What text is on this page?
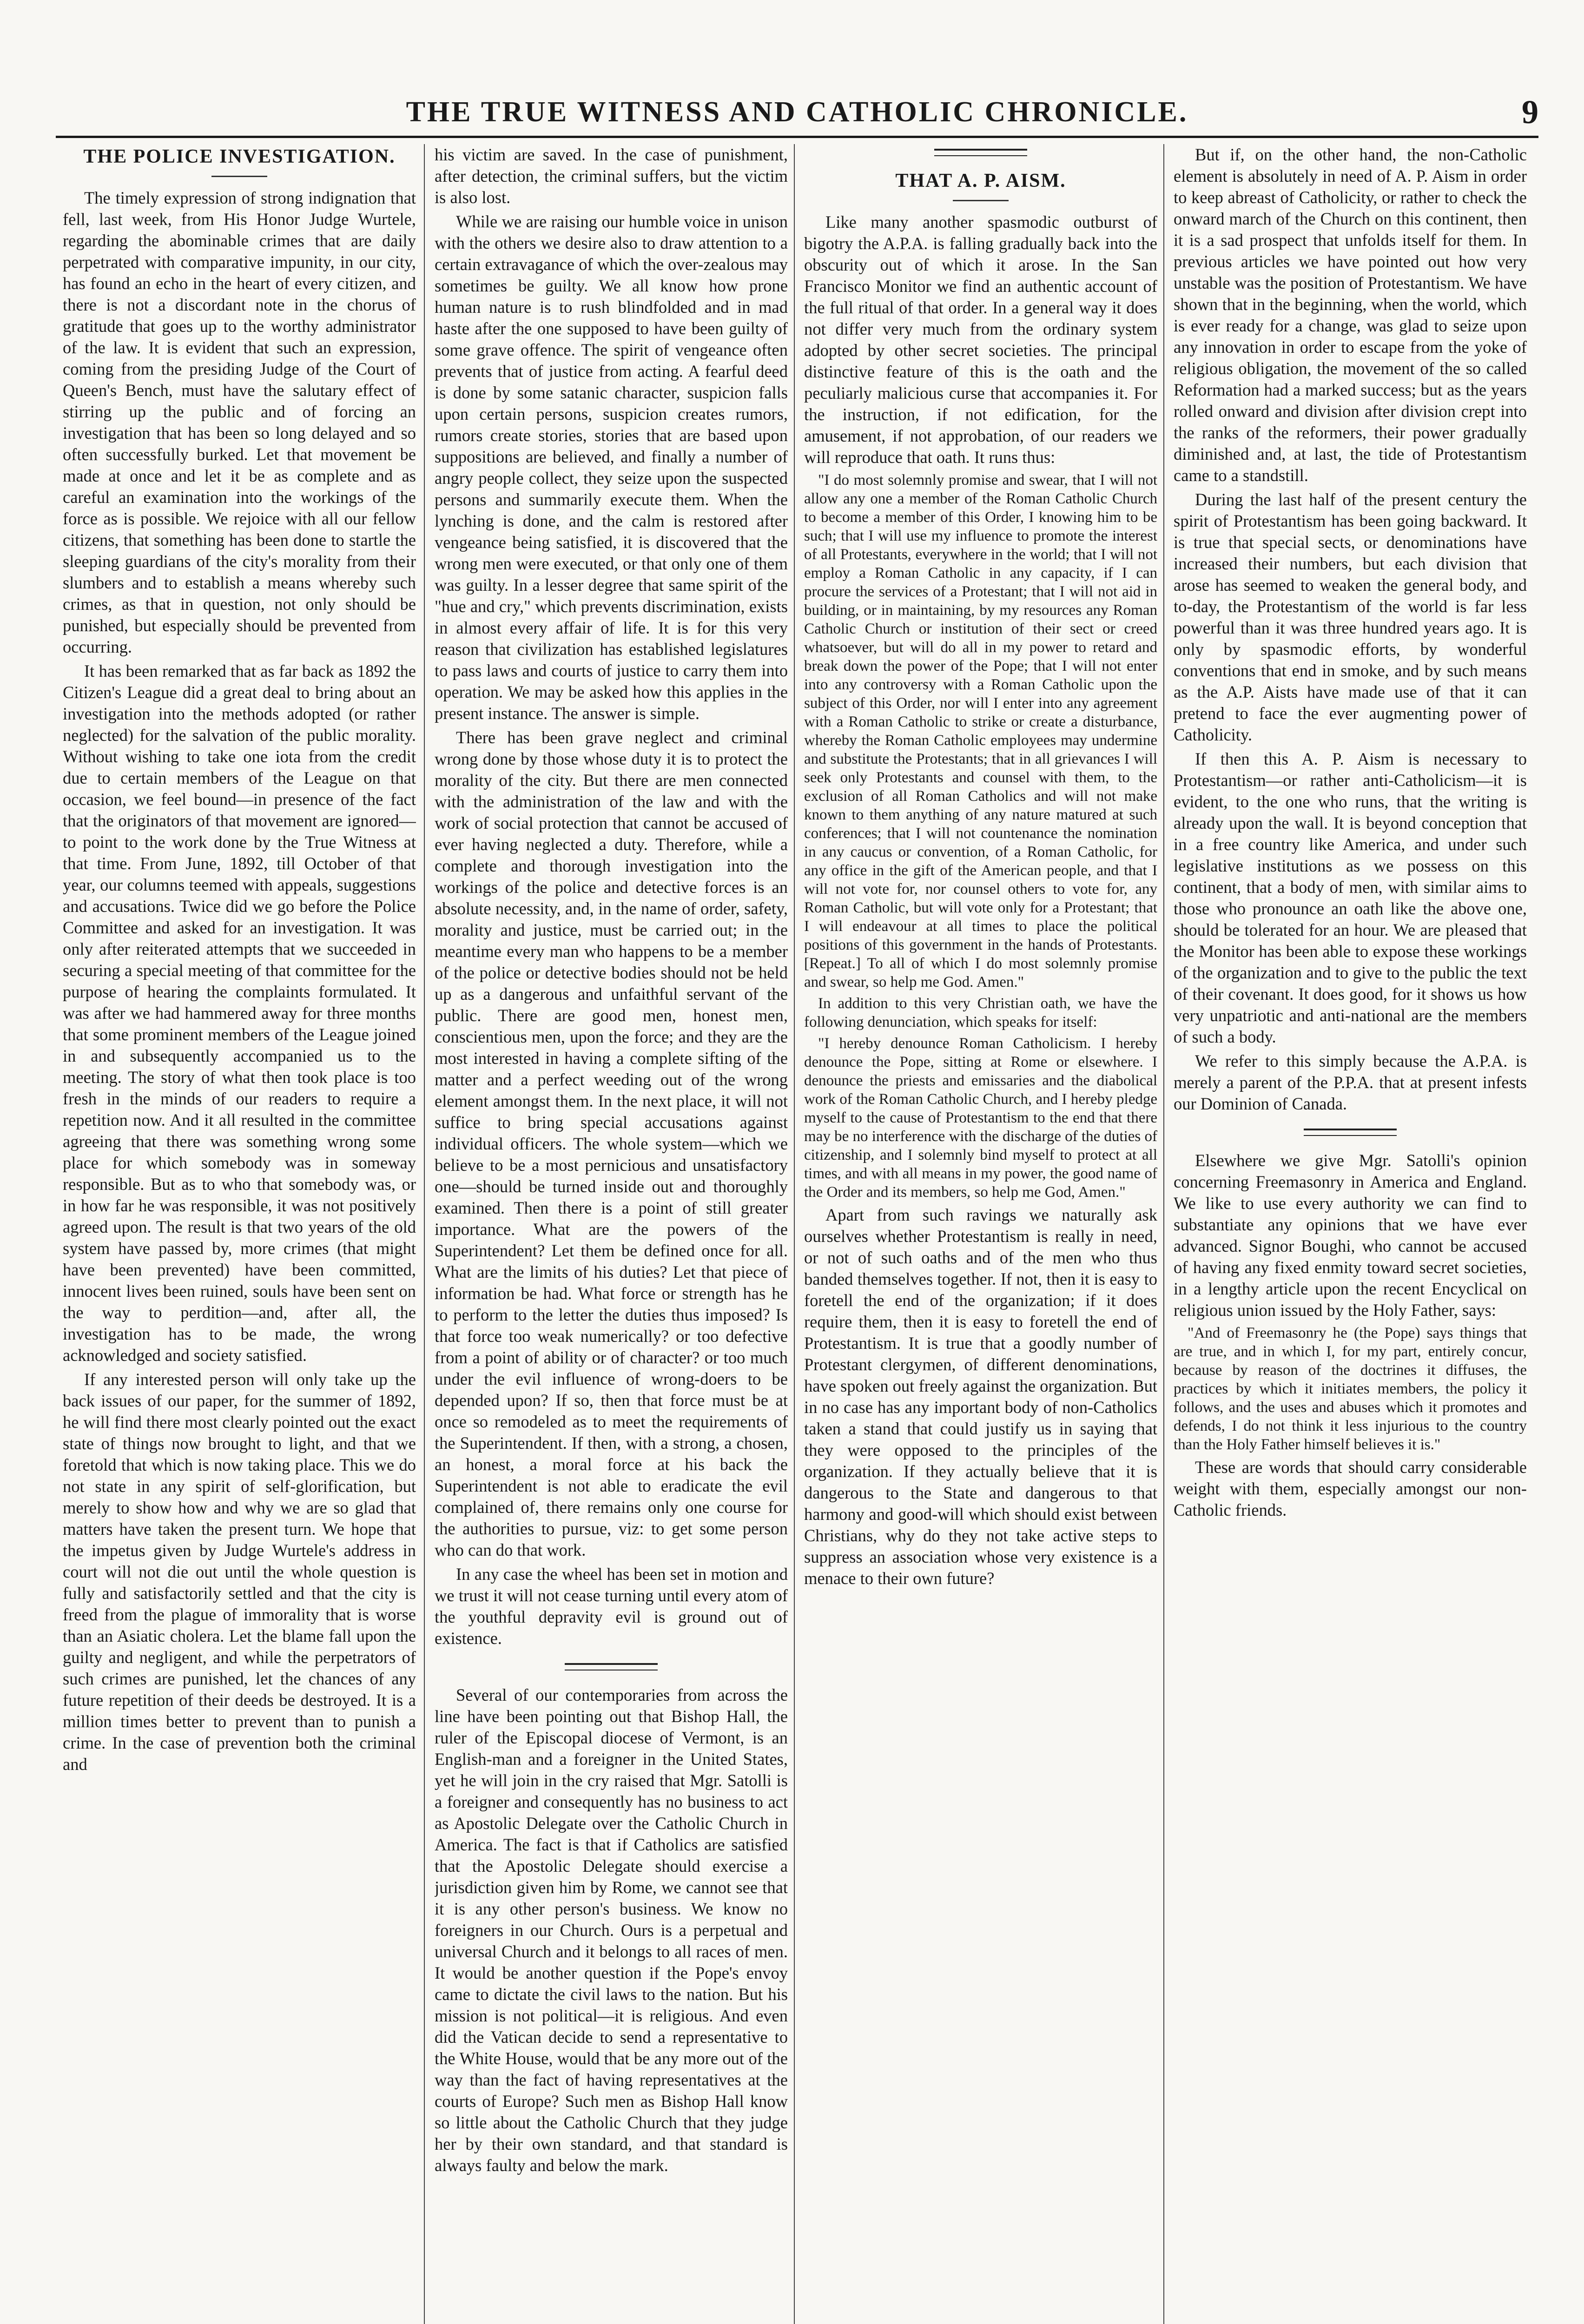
THE TRUE WITNESS AND CATHOLIC CHRONICLE.	9
THE POLICE INVESTIGATION.

The timely expression of strong indignation that fell, last week, from His Honor Judge Wurtele, regarding the abominable crimes that are daily perpetrated with comparative impunity, in our city, has found an echo in the heart of every citizen, and there is not a discordant note in the chorus of gratitude that goes up to the worthy administrator of the law. It is evident that such an expression, coming from the presiding Judge of the Court of Queen's Bench, must have the salutary effect of stirring up the public and of forcing an investigation that has been so long delayed and so often successfully burked. Let that movement be made at once and let it be as complete and as careful an examination into the workings of the force as is possible. We rejoice with all our fellow citizens, that something has been done to startle the sleeping guardians of the city's morality from their slumbers and to establish a means whereby such crimes, as that in question, not only should be punished, but especially should be prevented from occurring.

It has been remarked that as far back as 1892 the Citizen's League did a great deal to bring about an investigation into the methods adopted (or rather neglected) for the salvation of the public morality. Without wishing to take one iota from the credit due to certain members of the League on that occasion, we feel bound—in presence of the fact that the originators of that movement are ignored—to point to the work done by the True Witness at that time. From June, 1892, till October of that year, our columns teemed with appeals, suggestions and accusations. Twice did we go before the Police Committee and asked for an investigation. It was only after reiterated attempts that we succeeded in securing a special meeting of that committee for the purpose of hearing the complaints formulated. It was after we had hammered away for three months that some prominent members of the League joined in and subsequently accompanied us to the meeting. The story of what then took place is too fresh in the minds of our readers to require a repetition now. And it all resulted in the committee agreeing that there was something wrong some place for which somebody was in someway responsible. But as to who that somebody was, or in how far he was responsible, it was not positively agreed upon. The result is that two years of the old system have passed by, more crimes (that might have been prevented) have been committed, innocent lives been ruined, souls have been sent on the way to perdition—and, after all, the investigation has to be made, the wrong acknowledged and society satisfied.

If any interested person will only take up the back issues of our paper, for the summer of 1892, he will find there most clearly pointed out the exact state of things now brought to light, and that we foretold that which is now taking place. This we do not state in any spirit of self-glorification, but merely to show how and why we are so glad that matters have taken the present turn. We hope that the impetus given by Judge Wurtele's address in court will not die out until the whole question is fully and satisfactorily settled and that the city is freed from the plague of immorality that is worse than an Asiatic cholera. Let the blame fall upon the guilty and negligent, and while the perpetrators of such crimes are punished, let the chances of any future repetition of their deeds be destroyed. It is a million times better to prevent than to punish a crime. In the case of prevention both the criminal and

his victim are saved. In the case of punishment, after detection, the criminal suffers, but the victim is also lost.

While we are raising our humble voice in unison with the others we desire also to draw attention to a certain extravagance of which the over-zealous may sometimes be guilty. We all know how prone human nature is to rush blindfolded and in mad haste after the one supposed to have been guilty of some grave offence. The spirit of vengeance often prevents that of justice from acting. A fearful deed is done by some satanic character, suspicion falls upon certain persons, suspicion creates rumors, rumors create stories, stories that are based upon suppositions are believed, and finally a number of angry people collect, they seize upon the suspected persons and summarily execute them. When the lynching is done, and the calm is restored after vengeance being satisfied, it is discovered that the wrong men were executed, or that only one of them was guilty. In a lesser degree that same spirit of the "hue and cry," which prevents discrimination, exists in almost every affair of life. It is for this very reason that civilization has established legislatures to pass laws and courts of justice to carry them into operation. We may be asked how this applies in the present instance. The answer is simple.

There has been grave neglect and criminal wrong done by those whose duty it is to protect the morality of the city. But there are men connected with the administration of the law and with the work of social protection that cannot be accused of ever having neglected a duty. Therefore, while a complete and thorough investigation into the workings of the police and detective forces is an absolute necessity, and, in the name of order, safety, morality and justice, must be carried out; in the meantime every man who happens to be a member of the police or detective bodies should not be held up as a dangerous and unfaithful servant of the public. There are good men, honest men, conscientious men, upon the force; and they are the most interested in having a complete sifting of the matter and a perfect weeding out of the wrong element amongst them. In the next place, it will not suffice to bring special accusations against individual officers. The whole system—which we believe to be a most pernicious and unsatisfactory one—should be turned inside out and thoroughly examined. Then there is a point of still greater importance. What are the powers of the Superintendent? Let them be defined once for all. What are the limits of his duties? Let that piece of information be had. What force or strength has he to perform to the letter the duties thus imposed? Is that force too weak numerically? or too defective from a point of ability or of character? or too much under the evil influence of wrong-doers to be depended upon? If so, then that force must be at once so remodeled as to meet the requirements of the Superintendent. If then, with a strong, a chosen, an honest, a moral force at his back the Superintendent is not able to eradicate the evil complained of, there remains only one course for the authorities to pursue, viz: to get some person who can do that work.

In any case the wheel has been set in motion and we trust it will not cease turning until every atom of the youthful depravity evil is ground out of existence.

Several of our contemporaries from across the line have been pointing out that Bishop Hall, the ruler of the Episcopal diocese of Vermont, is an English-man and a foreigner in the United States, yet he will join in the cry raised that Mgr. Satolli is a foreigner and consequently has no business to act as Apostolic Delegate over the Catholic Church in America. The fact is that if Catholics are satisfied that the Apostolic Delegate should exercise a jurisdiction given him by Rome, we cannot see that it is any other person's business. We know no foreigners in our Church. Ours is a perpetual and universal Church and it belongs to all races of men. It would be another question if the Pope's envoy came to dictate the civil laws to the nation. But his mission is not political—it is religious. And even did the Vatican decide to send a representative to the White House, would that be any more out of the way than the fact of having representatives at the courts of Europe? Such men as Bishop Hall know so little about the Catholic Church that they judge her by their own standard, and that standard is always faulty and below the mark.

THAT A. P. AISM.

Like many another spasmodic outburst of bigotry the A.P.A. is falling gradually back into the obscurity out of which it arose. In the San Francisco Monitor we find an authentic account of the full ritual of that order. In a general way it does not differ very much from the ordinary system adopted by other secret societies. The principal distinctive feature of this is the oath and the peculiarly malicious curse that accompanies it. For the instruction, if not edification, for the amusement, if not approbation, of our readers we will reproduce that oath. It runs thus:

"I do most solemnly promise and swear, that I will not allow any one a member of the Roman Catholic Church to become a member of this Order, I knowing him to be such; that I will use my influence to promote the interest of all Protestants, everywhere in the world; that I will not employ a Roman Catholic in any capacity, if I can procure the services of a Protestant; that I will not aid in building, or in maintaining, by my resources any Roman Catholic Church or institution of their sect or creed whatsoever, but will do all in my power to retard and break down the power of the Pope; that I will not enter into any controversy with a Roman Catholic upon the subject of this Order, nor will I enter into any agreement with a Roman Catholic to strike or create a disturbance, whereby the Roman Catholic employees may undermine and substitute the Protestants; that in all grievances I will seek only Protestants and counsel with them, to the exclusion of all Roman Catholics and will not make known to them anything of any nature matured at such conferences; that I will not countenance the nomination in any caucus or convention, of a Roman Catholic, for any office in the gift of the American people, and that I will not vote for, nor counsel others to vote for, any Roman Catholic, but will vote only for a Protestant; that I will endeavour at all times to place the political positions of this government in the hands of Protestants. [Repeat.] To all of which I do most solemnly promise and swear, so help me God. Amen."

In addition to this very Christian oath, we have the following denunciation, which speaks for itself:

"I hereby denounce Roman Catholicism. I hereby denounce the Pope, sitting at Rome or elsewhere. I denounce the priests and emissaries and the diabolical work of the Roman Catholic Church, and I hereby pledge myself to the cause of Protestantism to the end that there may be no interference with the discharge of the duties of citizenship, and I solemnly bind myself to protect at all times, and with all means in my power, the good name of the Order and its members, so help me God, Amen."

Apart from such ravings we naturally ask ourselves whether Protestantism is really in need, or not of such oaths and of the men who thus banded themselves together. If not, then it is easy to foretell the end of the organization; if it does require them, then it is easy to foretell the end of Protestantism. It is true that a goodly number of Protestant clergymen, of different denominations, have spoken out freely against the organization. But in no case has any important body of non-Catholics taken a stand that could justify us in saying that they were opposed to the principles of the organization. If they actually believe that it is dangerous to the State and dangerous to that harmony and good-will which should exist between Christians, why do they not take active steps to suppress an association whose very existence is a menace to their own future?

But if, on the other hand, the non-Catholic element is absolutely in need of A. P. Aism in order to keep abreast of Catholicity, or rather to check the onward march of the Church on this continent, then it is a sad prospect that unfolds itself for them. In previous articles we have pointed out how very unstable was the position of Protestantism. We have shown that in the beginning, when the world, which is ever ready for a change, was glad to seize upon any innovation in order to escape from the yoke of religious obligation, the movement of the so called Reformation had a marked success; but as the years rolled onward and division after division crept into the ranks of the reformers, their power gradually diminished and, at last, the tide of Protestantism came to a standstill.

During the last half of the present century the spirit of Protestantism has been going backward. It is true that special sects, or denominations have increased their numbers, but each division that arose has seemed to weaken the general body, and to-day, the Protestantism of the world is far less powerful than it was three hundred years ago. It is only by spasmodic efforts, by wonderful conventions that end in smoke, and by such means as the A.P. Aists have made use of that it can pretend to face the ever augmenting power of Catholicity.

If then this A. P. Aism is necessary to Protestantism—or rather anti-Catholicism—it is evident, to the one who runs, that the writing is already upon the wall. It is beyond conception that in a free country like America, and under such legislative institutions as we possess on this continent, that a body of men, with similar aims to those who pronounce an oath like the above one, should be tolerated for an hour. We are pleased that the Monitor has been able to expose these workings of the organization and to give to the public the text of their covenant. It does good, for it shows us how very unpatriotic and anti-national are the members of such a body.

We refer to this simply because the A.P.A. is merely a parent of the P.P.A. that at present infests our Dominion of Canada.

Elsewhere we give Mgr. Satolli's opinion concerning Freemasonry in America and England. We like to use every authority we can find to substantiate any opinions that we have ever advanced. Signor Boughi, who cannot be accused of having any fixed enmity toward secret societies, in a lengthy article upon the recent Encyclical on religious union issued by the Holy Father, says:

"And of Freemasonry he (the Pope) says things that are true, and in which I, for my part, entirely concur, because by reason of the doctrines it diffuses, the practices by which it initiates members, the policy it follows, and the uses and abuses which it promotes and defends, I do not think it less injurious to the country than the Holy Father himself believes it is."

These are words that should carry considerable weight with them, especially amongst our non-Catholic friends.
